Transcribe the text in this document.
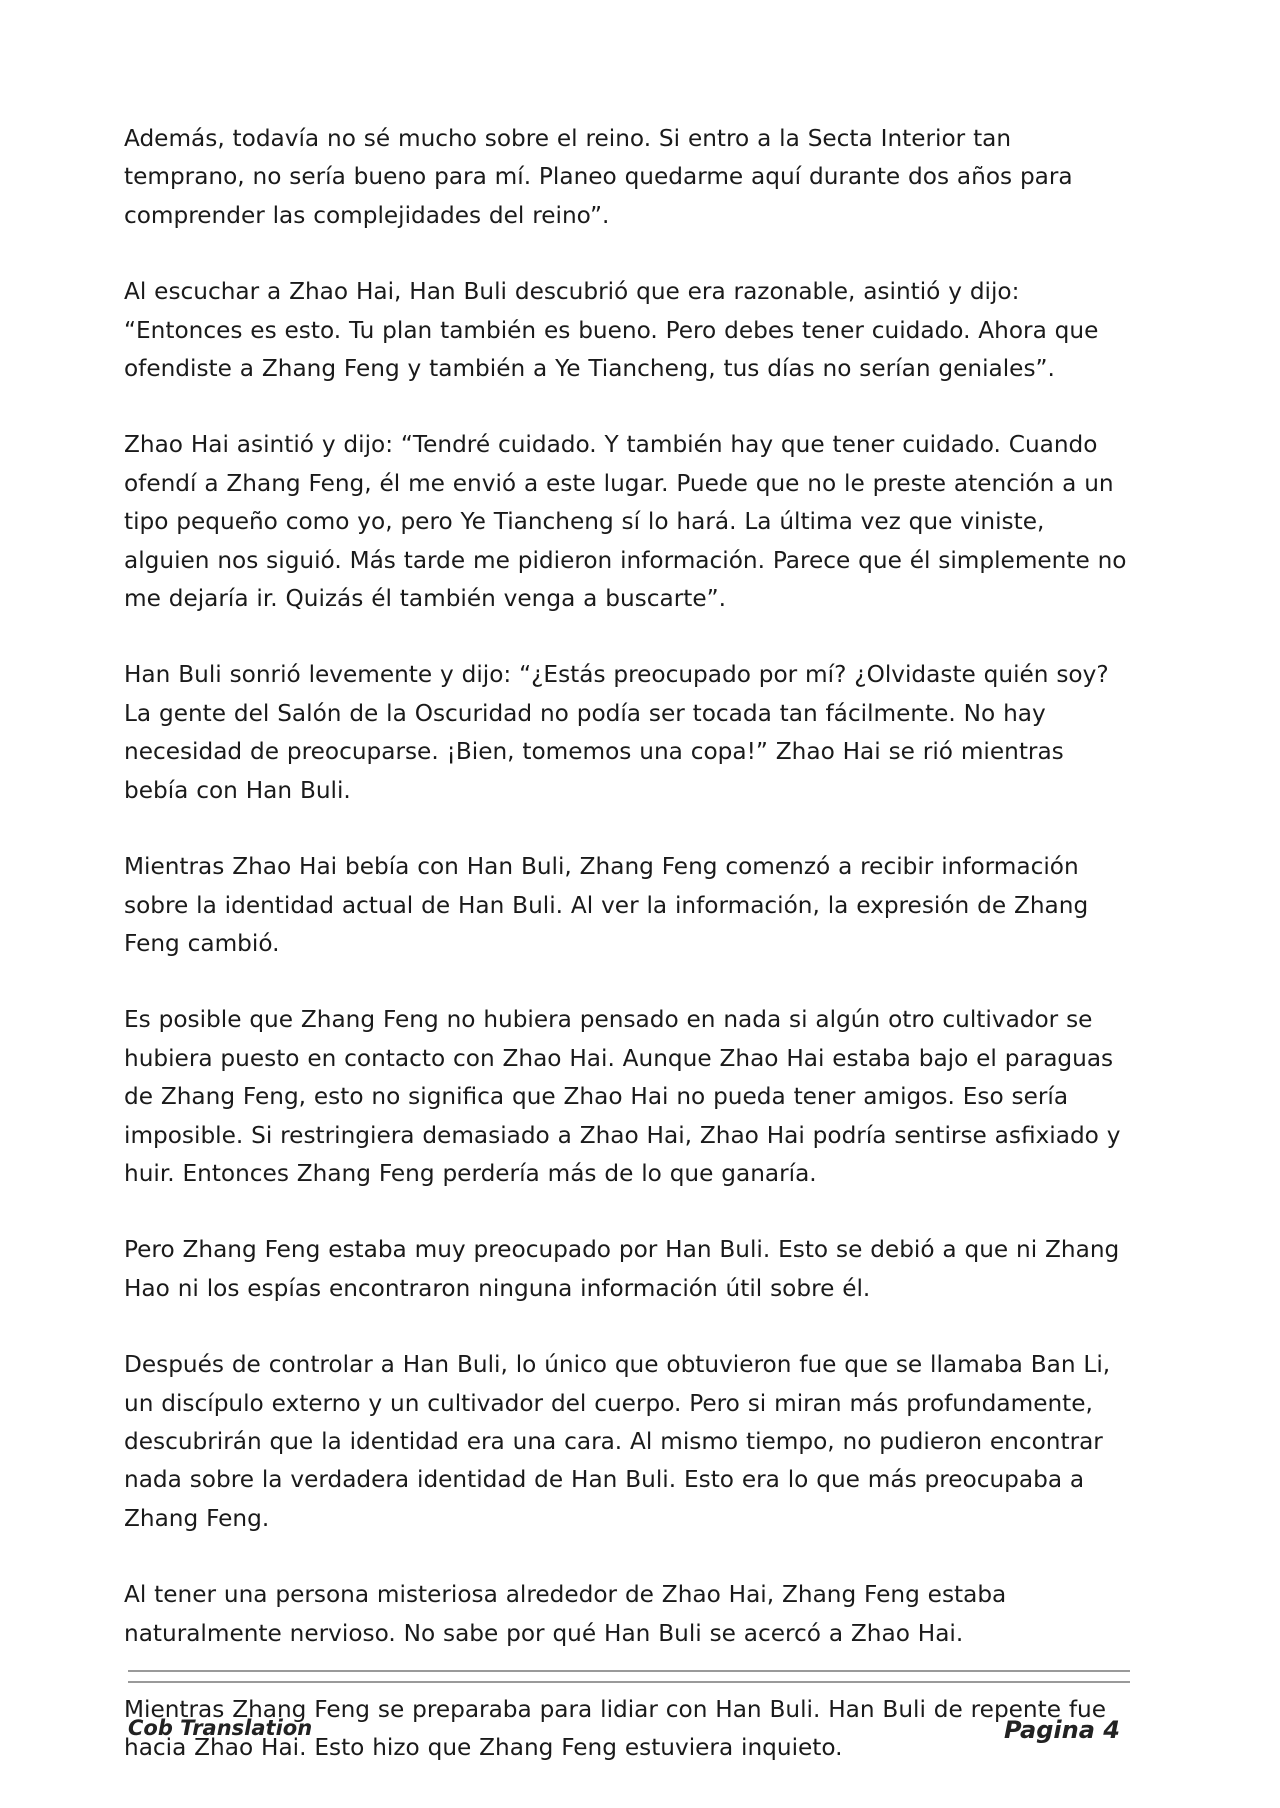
Además, todavía no sé mucho sobre el reino. Si entro a la Secta Interior tan temprano, no sería bueno para mí. Planeo quedarme aquí durante dos años para comprender las complejidades del reino”.

Al escuchar a Zhao Hai, Han Buli descubrió que era razonable, asintió y dijo: “Entonces es esto. Tu plan también es bueno. Pero debes tener cuidado. Ahora que ofendiste a Zhang Feng y también a Ye Tiancheng, tus días no serían geniales”.

Zhao Hai asintió y dijo: “Tendré cuidado. Y también hay que tener cuidado. Cuando ofendí a Zhang Feng, él me envió a este lugar. Puede que no le preste atención a un tipo pequeño como yo, pero Ye Tiancheng sí lo hará. La última vez que viniste, alguien nos siguió. Más tarde me pidieron información. Parece que él simplemente no me dejaría ir. Quizás él también venga a buscarte”.

Han Buli sonrió levemente y dijo: “¿Estás preocupado por mí? ¿Olvidaste quién soy? La gente del Salón de la Oscuridad no podía ser tocada tan fácilmente. No hay necesidad de preocuparse. ¡Bien, tomemos una copa!” Zhao Hai se rió mientras bebía con Han Buli.

Mientras Zhao Hai bebía con Han Buli, Zhang Feng comenzó a recibir información sobre la identidad actual de Han Buli. Al ver la información, la expresión de Zhang Feng cambió.

Es posible que Zhang Feng no hubiera pensado en nada si algún otro cultivador se hubiera puesto en contacto con Zhao Hai. Aunque Zhao Hai estaba bajo el paraguas de Zhang Feng, esto no significa que Zhao Hai no pueda tener amigos. Eso sería imposible. Si restringiera demasiado a Zhao Hai, Zhao Hai podría sentirse asfixiado y huir. Entonces Zhang Feng perdería más de lo que ganaría.

Pero Zhang Feng estaba muy preocupado por Han Buli. Esto se debió a que ni Zhang Hao ni los espías encontraron ninguna información útil sobre él.

Después de controlar a Han Buli, lo único que obtuvieron fue que se llamaba Ban Li, un discípulo externo y un cultivador del cuerpo. Pero si miran más profundamente, descubrirán que la identidad era una cara. Al mismo tiempo, no pudieron encontrar nada sobre la verdadera identidad de Han Buli. Esto era lo que más preocupaba a Zhang Feng.

Al tener una persona misteriosa alrededor de Zhao Hai, Zhang Feng estaba naturalmente nervioso. No sabe por qué Han Buli se acercó a Zhao Hai.

Mientras Zhang Feng se preparaba para lidiar con Han Buli. Han Buli de repente fue hacia Zhao Hai. Esto hizo que Zhang Feng estuviera inquieto.

Cob Translation	Pagina 4
